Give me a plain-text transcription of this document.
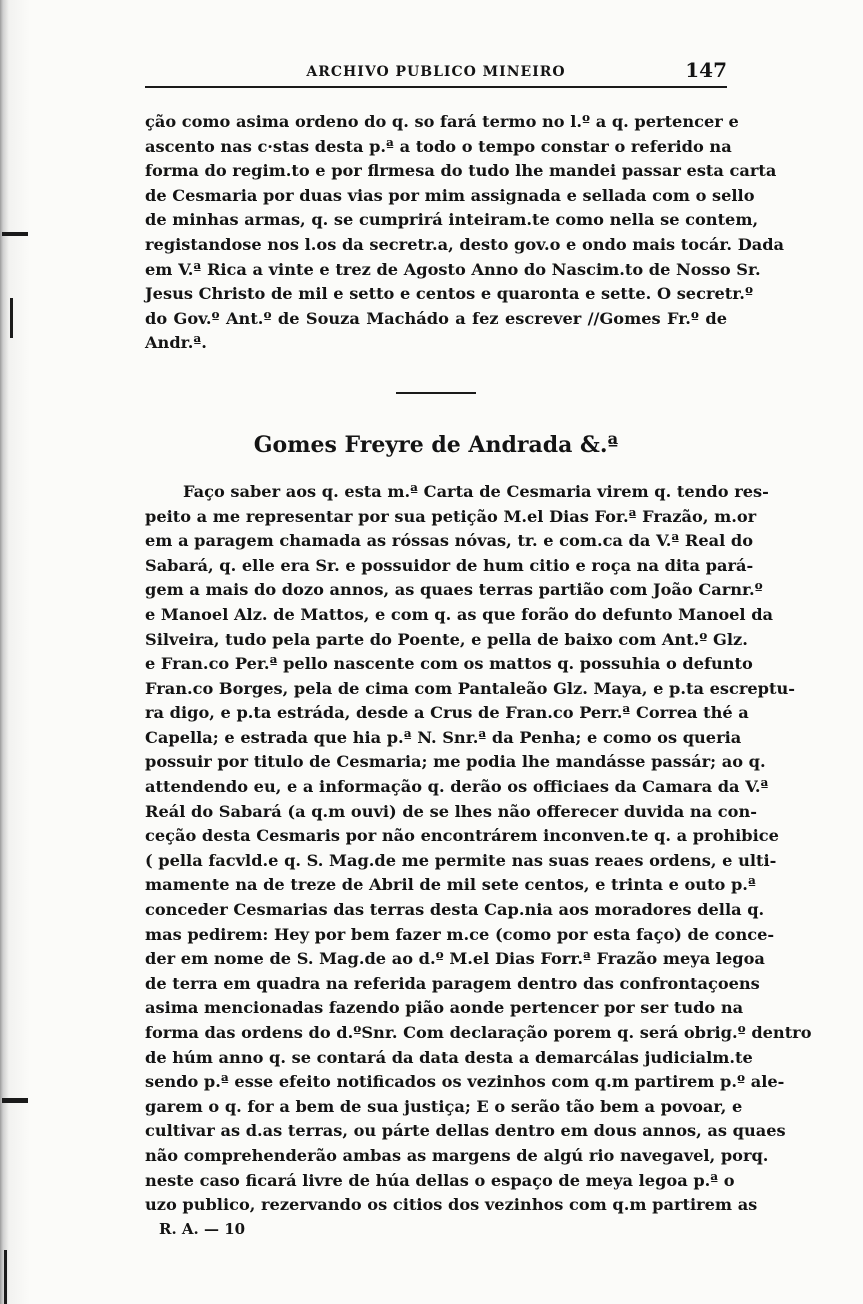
ARCHIVO PUBLICO MINEIRO	147
ção como asima ordeno do q. so fará termo no l.º a q. pertencer e
ascento nas c·stas desta p.ª a todo o tempo constar o referido na
forma do regim.to e por flrmesa do tudo lhe mandei passar esta carta
de Cesmaria por duas vias por mim assignada e sellada com o sello
de minhas armas, q. se cumprirá inteiram.te como nella se contem,
registandose nos l.os da secretr.a, desto gov.o e ondo mais tocár. Dada
em V.ª Rica a vinte e trez de Agosto Anno do Nascim.to de Nosso Sr.
Jesus Christo de mil e setto e centos e quaronta e sette. O secretr.º
do Gov.º Ant.º de Souza Machádo a fez escrever //Gomes Fr.º de
Andr.ª.
Gomes Freyre de Andrada &.ª
Faço saber aos q. esta m.ª Carta de Cesmaria virem q. tendo res-
peito a me representar por sua petição M.el Dias For.ª Frazão, m.or
em a paragem chamada as róssas nóvas, tr. e com.ca da V.ª Real do
Sabará, q. elle era Sr. e possuidor de hum citio e roça na dita pará-
gem a mais do dozo annos, as quaes terras partião com João Carnr.º
e Manoel Alz. de Mattos, e com q. as que forão do defunto Manoel da
Silveira, tudo pela parte do Poente, e pella de baixo com Ant.º Glz.
e Fran.co Per.ª pello nascente com os mattos q. possuhia o defunto
Fran.co Borges, pela de cima com Pantaleão Glz. Maya, e p.ta escreptu-
ra digo, e p.ta estráda, desde a Crus de Fran.co Perr.ª Correa thé a
Capella; e estrada que hia p.ª N. Snr.ª da Penha; e como os queria
possuir por titulo de Cesmaria; me podia lhe mandásse passár; ao q.
attendendo eu, e a informação q. derão os officiaes da Camara da V.ª
Reál do Sabará (a q.m ouvi) de se lhes não offerecer duvida na con-
ceção desta Cesmaris por não encontrárem inconven.te q. a prohibice
( pella facvld.e q. S. Mag.de me permite nas suas reaes ordens, e ulti-
mamente na de treze de Abril de mil sete centos, e trinta e outo p.ª
conceder Cesmarias das terras desta Cap.nia aos moradores della q.
mas pedirem: Hey por bem fazer m.ce (como por esta faço) de conce-
der em nome de S. Mag.de ao d.º M.el Dias Forr.ª Frazão meya legoa
de terra em quadra na referida paragem dentro das confrontaçoens
asima mencionadas fazendo pião aonde pertencer por ser tudo na
forma das ordens do d.ºSnr. Com declaração porem q. será obrig.º dentro
de húm anno q. se contará da data desta a demarcálas judicialm.te
sendo p.ª esse efeito notificados os vezinhos com q.m partirem p.º ale-
garem o q. for a bem de sua justiça; E o serão tão bem a povoar, e
cultivar as d.as terras, ou párte dellas dentro em dous annos, as quaes
não comprehenderão ambas as margens de algú rio navegavel, porq.
neste caso ficará livre de húa dellas o espaço de meya legoa p.ª o
uzo publico, rezervando os citios dos vezinhos com q.m partirem as
R. A. — 10
